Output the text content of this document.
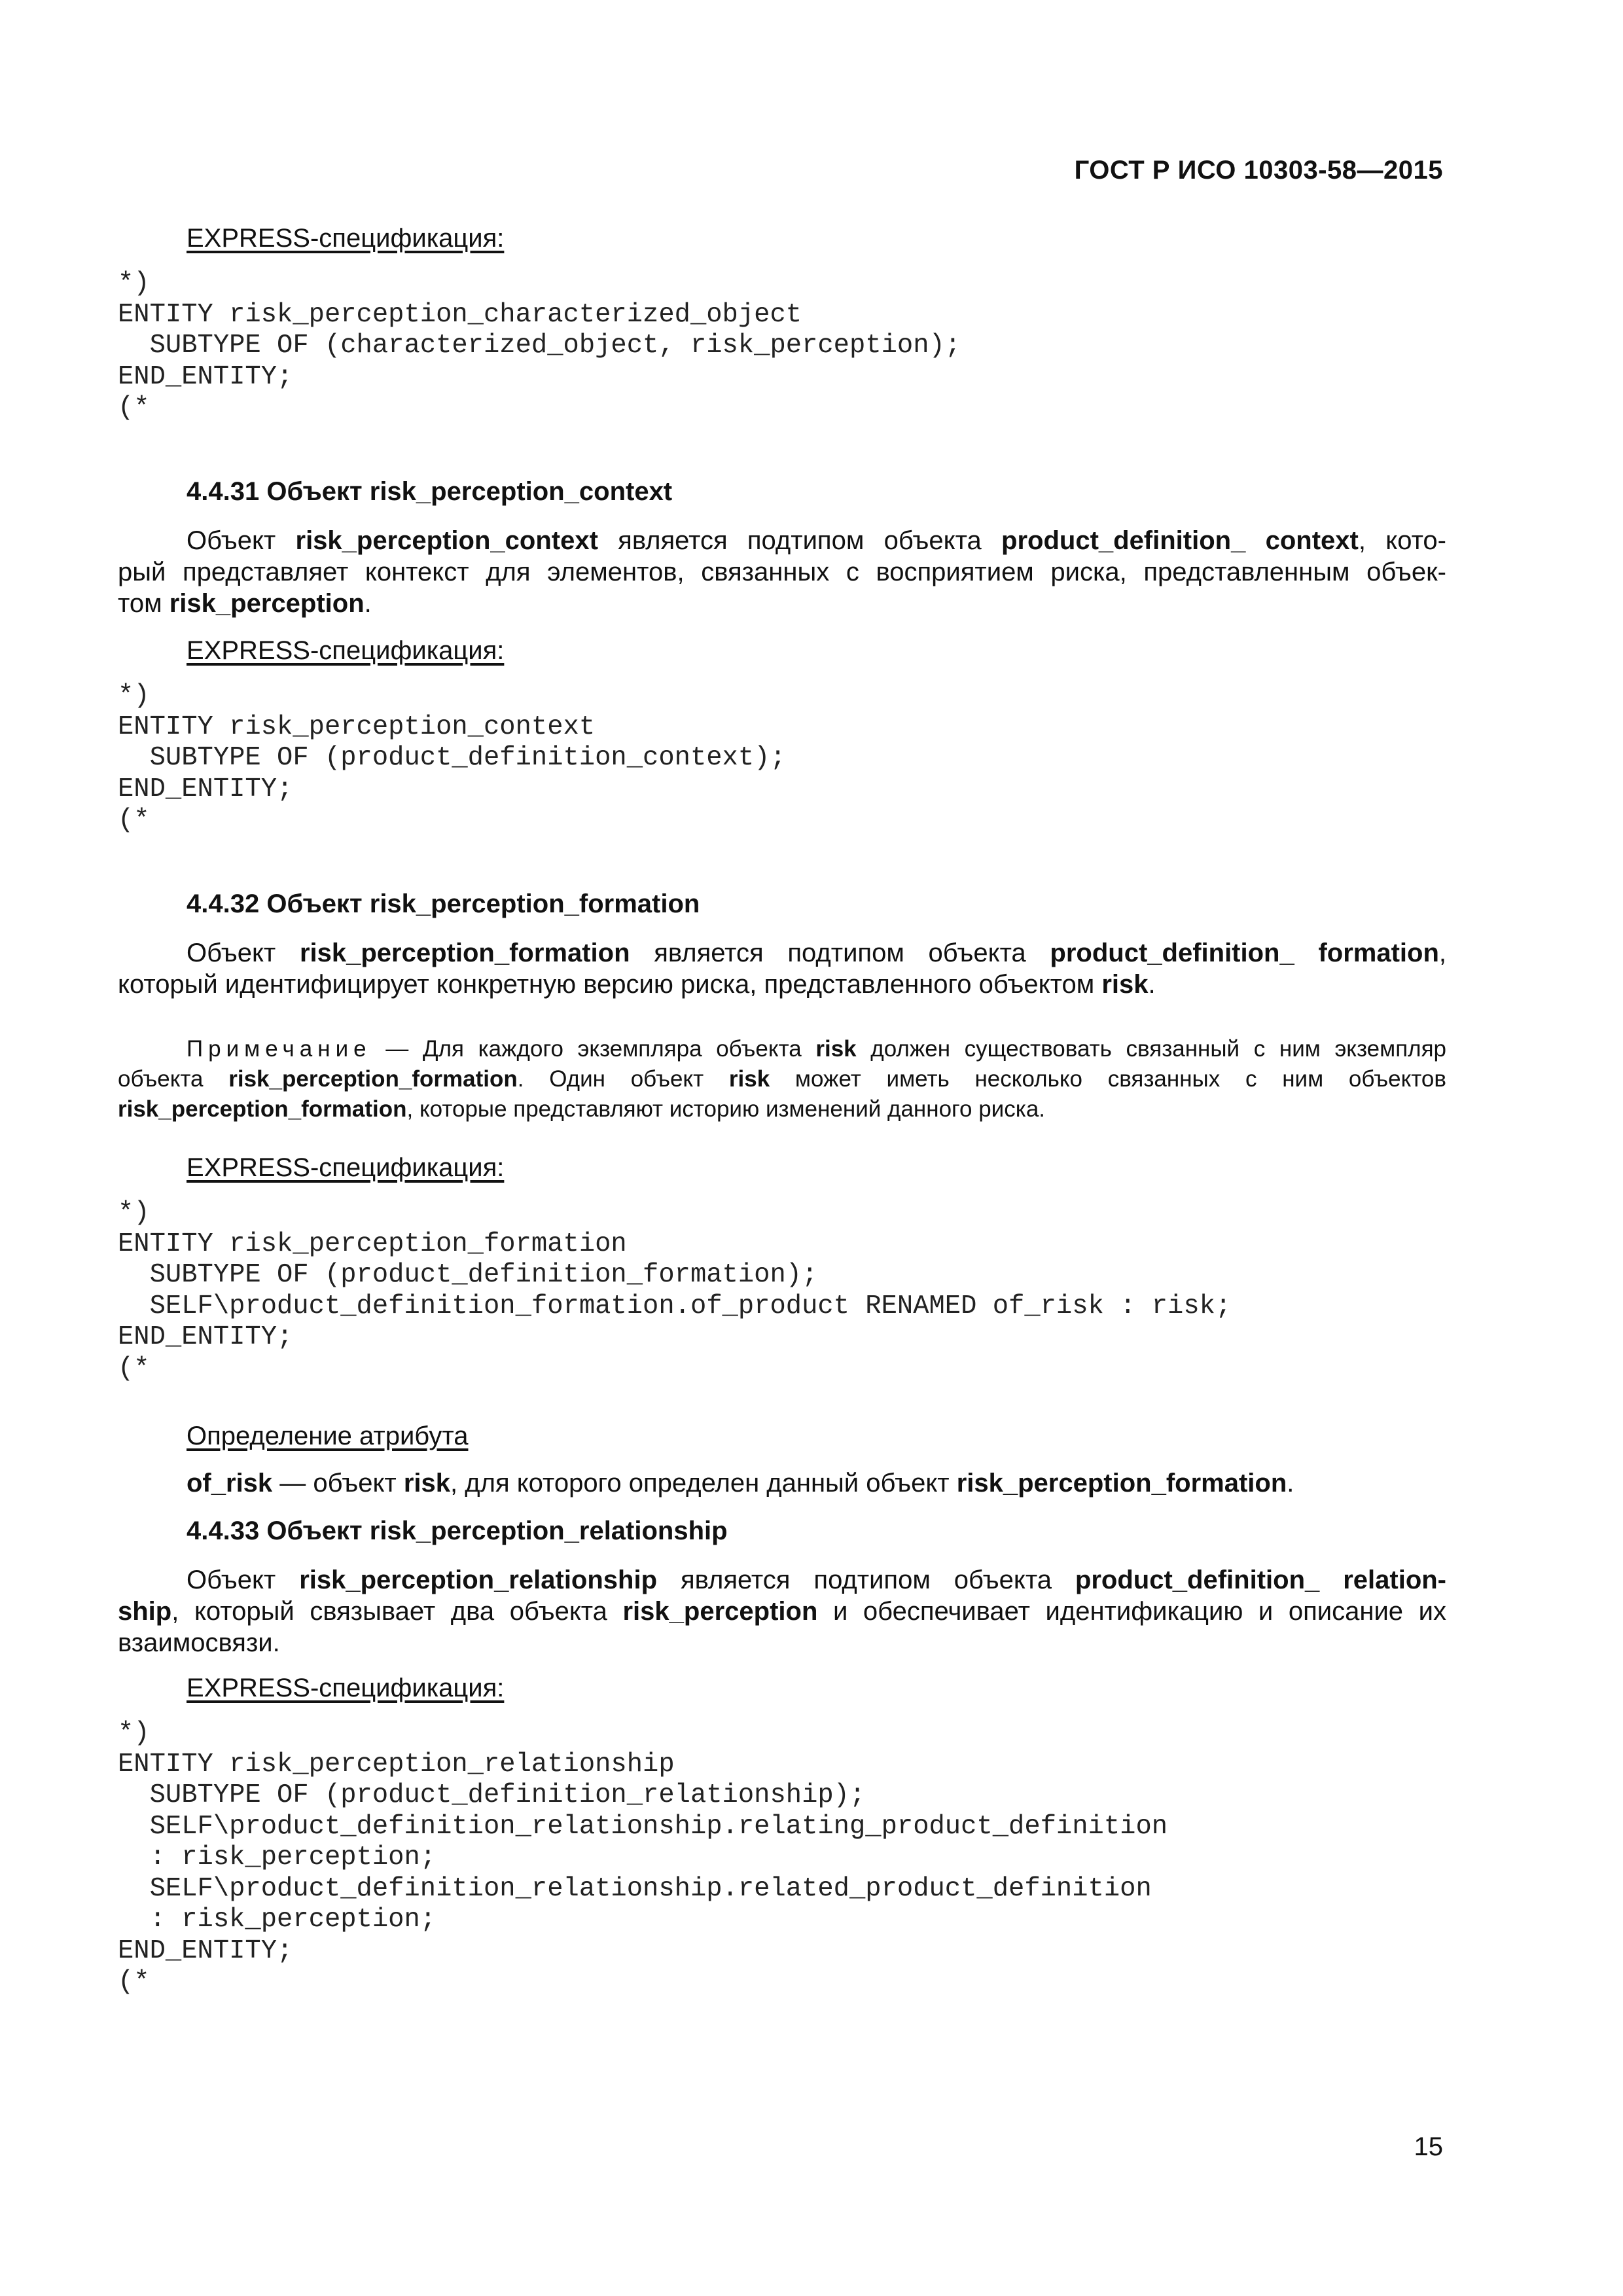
ГОСТ Р ИСО 10303-58—2015
EXPRESS-спецификация:
*)
ENTITY risk_perception_characterized_object
SUBTYPE OF (characterized_object, risk_perception);
END_ENTITY;
(*
4.4.31 Объект risk_perception_context
Объект risk_perception_context является подтипом объекта product_definition_ context, кото-
рый представляет контекст для элементов, связанных с восприятием риска, представленным объек-
том risk_perception.
EXPRESS-спецификация:
*)
ENTITY risk_perception_context
SUBTYPE OF (product_definition_context);
END_ENTITY;
(*
4.4.32 Объект risk_perception_formation
Объект risk_perception_formation является подтипом объекта product_definition_ formation,
который идентифицирует конкретную версию риска, представленного объектом risk.
Примечание — Для каждого экземпляра объекта risk должен существовать связанный с ним экземпляр
объекта risk_perception_formation. Один объект risk может иметь несколько связанных с ним объектов
risk_perception_formation, которые представляют историю изменений данного риска.
EXPRESS-спецификация:
*)
ENTITY risk_perception_formation
SUBTYPE OF (product_definition_formation);
SELF\product_definition_formation.of_product RENAMED of_risk : risk;
END_ENTITY;
(*
Определение атрибута
of_risk — объект risk, для которого определен данный объект risk_perception_formation.
4.4.33 Объект risk_perception_relationship
Объект risk_perception_relationship является подтипом объекта product_definition_ relation-
ship, который связывает два объекта risk_perception и обеспечивает идентификацию и описание их
взаимосвязи.
EXPRESS-спецификация:
*)
ENTITY risk_perception_relationship
SUBTYPE OF (product_definition_relationship);
SELF\product_definition_relationship.relating_product_definition
: risk_perception;
SELF\product_definition_relationship.related_product_definition
: risk_perception;
END_ENTITY;
(*
15
